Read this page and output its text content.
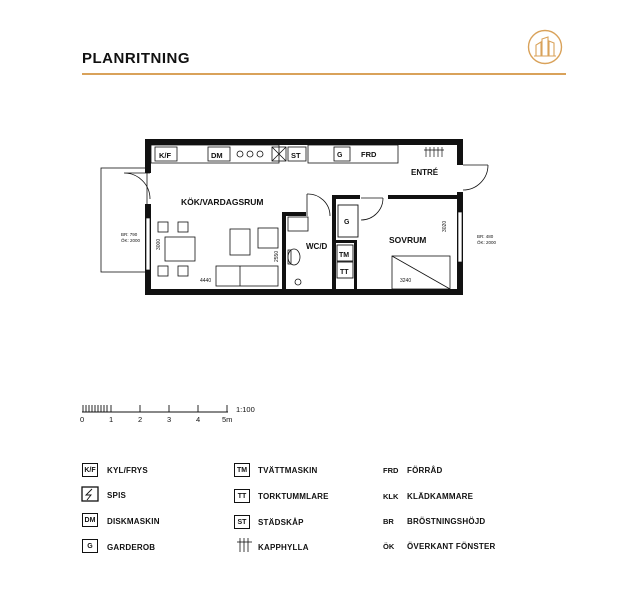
PLANRITNING
K/F	DM	ST	G FRD
WC/D
TM
TT
G
KÖK/VARDAGSRUM
SOVRUM
ENTRÉ
4440
3000
2550
3240
3020
BR: 790
ÖK: 2000
BR: 480
ÖK: 2000
0	1	2	3	4	5m
1:100
K/F KYL/FRYS
SPIS
DM	DISKMASKIN
G	GARDEROB
TM	TVÄTTMASKIN
TT	TORKTUMMLARE
ST	STÄDSKÅP
KAPPHYLLA
FRD FÖRRÅD
KLK KLÄDKAMMARE
BR BRÖSTNINGSHÖJD
ÖK ÖVERKANT FÖNSTER
